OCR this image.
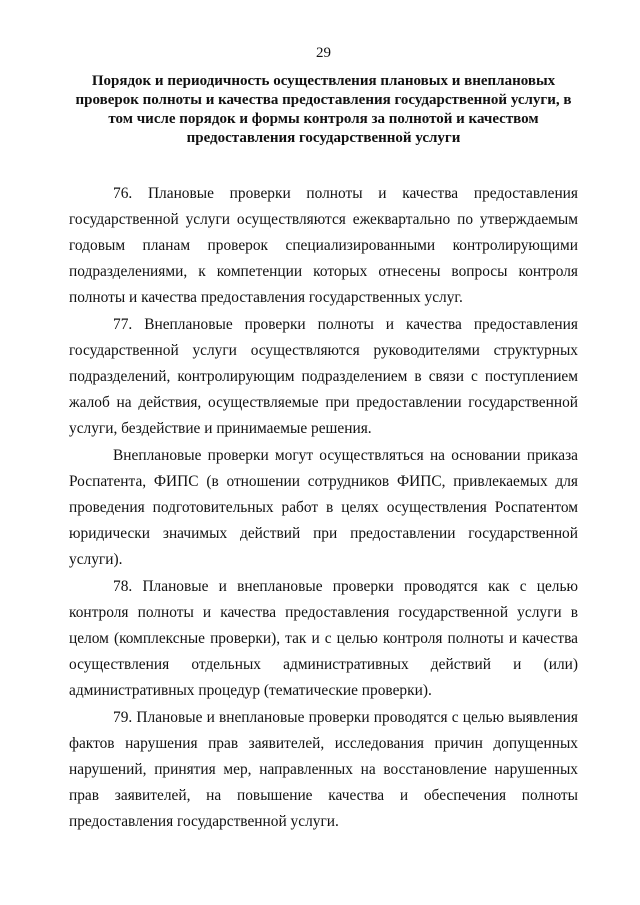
29
Порядок и периодичность осуществления плановых и внеплановых проверок полноты и качества предоставления государственной услуги, в том числе порядок и формы контроля за полнотой и качеством предоставления государственной услуги

76. Плановые проверки полноты и качества предоставления государственной услуги осуществляются ежеквартально по утверждаемым годовым планам проверок специализированными контролирующими подразделениями, к компетенции которых отнесены вопросы контроля полноты и качества предоставления государственных услуг.

77. Внеплановые проверки полноты и качества предоставления государственной услуги осуществляются руководителями структурных подразделений, контролирующим подразделением в связи с поступлением жалоб на действия, осуществляемые при предоставлении государственной услуги, бездействие и принимаемые решения.

Внеплановые проверки могут осуществляться на основании приказа Роспатента, ФИПС (в отношении сотрудников ФИПС, привлекаемых для проведения подготовительных работ в целях осуществления Роспатентом юридически значимых действий при предоставлении государственной услуги).

78. Плановые и внеплановые проверки проводятся как с целью контроля полноты и качества предоставления государственной услуги в целом (комплексные проверки), так и с целью контроля полноты и качества осуществления отдельных административных действий и (или) административных процедур (тематические проверки).

79. Плановые и внеплановые проверки проводятся с целью выявления фактов нарушения прав заявителей, исследования причин допущенных нарушений, принятия мер, направленных на восстановление нарушенных прав заявителей, на повышение качества и обеспечения полноты предоставления государственной услуги.
